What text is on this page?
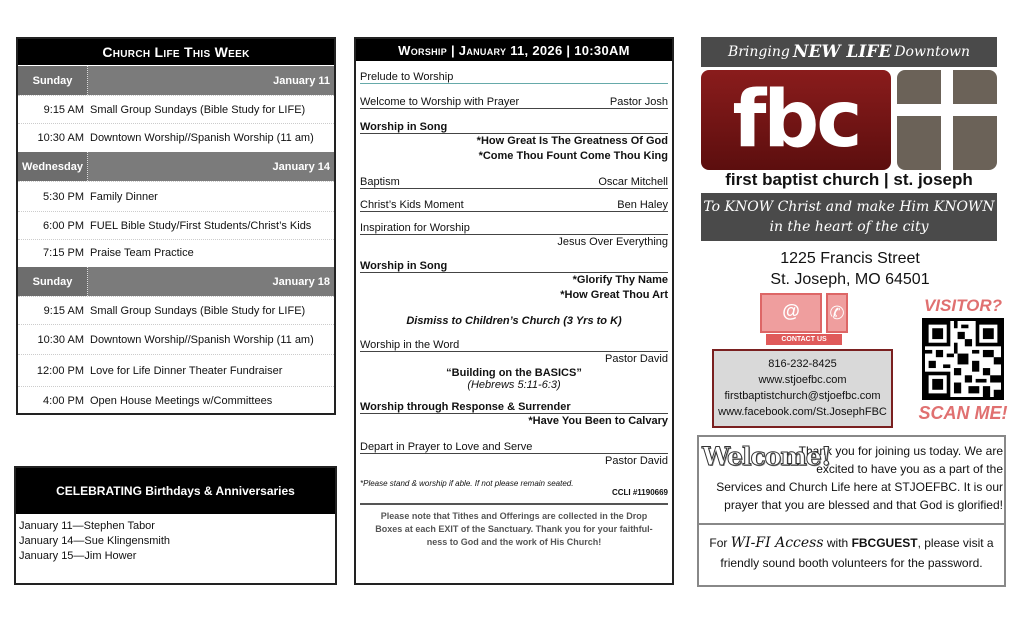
Church Life This Week
Sunday	January 11
9:15 AM Small Group Sundays (Bible Study for LIFE)
10:30 AM Downtown Worship//Spanish Worship (11 am)
Wednesday	January 14
5:30 PM Family Dinner
6:00 PM FUEL Bible Study/First Students/Christ’s Kids
7:15 PM Praise Team Practice
Sunday	January 18
9:15 AM Small Group Sundays (Bible Study for LIFE)
10:30 AM Downtown Worship//Spanish Worship (11 am)
12:00 PM Love for Life Dinner Theater Fundraiser
4:00 PM Open House Meetings w/Committees
CELEBRATING Birthdays & Anniversaries
January 11—Stephen Tabor
January 14—Sue Klingensmith
January 15—Jim Hower
Worship | January 11, 2026 | 10:30AM
Prelude to Worship
Welcome to Worship with Prayer	Pastor Josh
Worship in Song
*How Great Is The Greatness Of God
*Come Thou Fount Come Thou King
Baptism	Oscar Mitchell
Christ’s Kids Moment	Ben Haley
Inspiration for Worship
Jesus Over Everything
Worship in Song
*Glorify Thy Name
*How Great Thou Art
Dismiss to Children’s Church (3 Yrs to K)
Worship in the Word
Pastor David
“Building on the BASICS”
(Hebrews 5:11-6:3)
Worship through Response & Surrender
*Have You Been to Calvary
Depart in Prayer to Love and Serve
Pastor David
*Please stand & worship if able. If not please remain seated.
CCLI #1190669
Please note that Tithes and Offerings are collected in the Drop Boxes at each EXIT of the Sanctuary. Thank you for your faithful-ness to God and the work of His Church!
Bringing NEW LIFE Downtown
fbc
first baptist church | st. joseph
To KNOW Christ and make Him KNOWN
in the heart of the city
1225 Francis Street
St. Joseph, MO 64501
@	✆
CONTACT US
816-232-8425
www.stjoefbc.com
firstbaptistchurch@stjoefbc.com
www.facebook.com/St.JosephFBC
VISITOR?
SCAN ME!
Thank you for joining us today. We are excited to have you as a part of the Services and Church Life here at STJOEFBC. It is our prayer that you are blessed and that God is glorified!
Welcome!
For WI-FI Access with FBCGUEST, please visit a friendly sound booth volunteers for the password.
